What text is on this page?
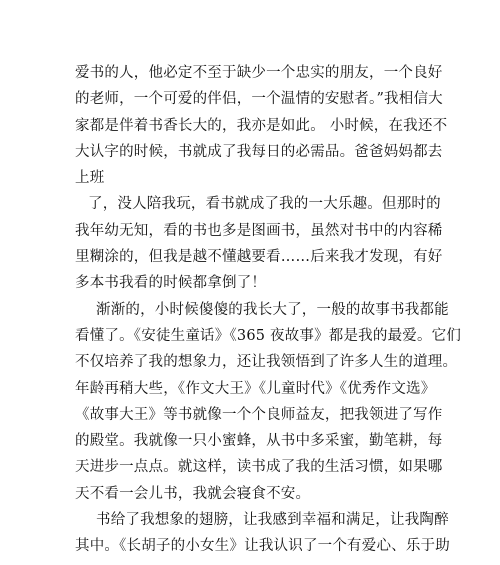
爱书的人，他必定不至于缺少一个忠实的朋友，一个良好
的老师，一个可爱的伴侣，一个温情的安慰者。”我相信大
家都是伴着书香长大的，我亦是如此。 小时候，在我还不
大认字的时候，书就成了我每日的必需品。爸爸妈妈都去
上班
了，没人陪我玩，看书就成了我的一大乐趣。但那时的
我年幼无知，看的书也多是图画书，虽然对书中的内容稀
里糊涂的，但我是越不懂越要看……后来我才发现，有好
多本书我看的时候都拿倒了！
渐渐的，小时候傻傻的我长大了，一般的故事书我都能
看懂了。《安徒生童话》《365 夜故事》都是我的最爱。它们
不仅培养了我的想象力，还让我领悟到了许多人生的道理。
年龄再稍大些，《作文大王》《儿童时代》《优秀作文选》
《故事大王》等书就像一个个良师益友，把我领进了写作
的殿堂。我就像一只小蜜蜂，从书中多采蜜，勤笔耕，每
天进步一点点。就这样，读书成了我的生活习惯，如果哪
天不看一会儿书，我就会寝食不安。
书给了我想象的翅膀，让我感到幸福和满足，让我陶醉
其中。《长胡子的小女生》让我认识了一个有爱心、乐于助
